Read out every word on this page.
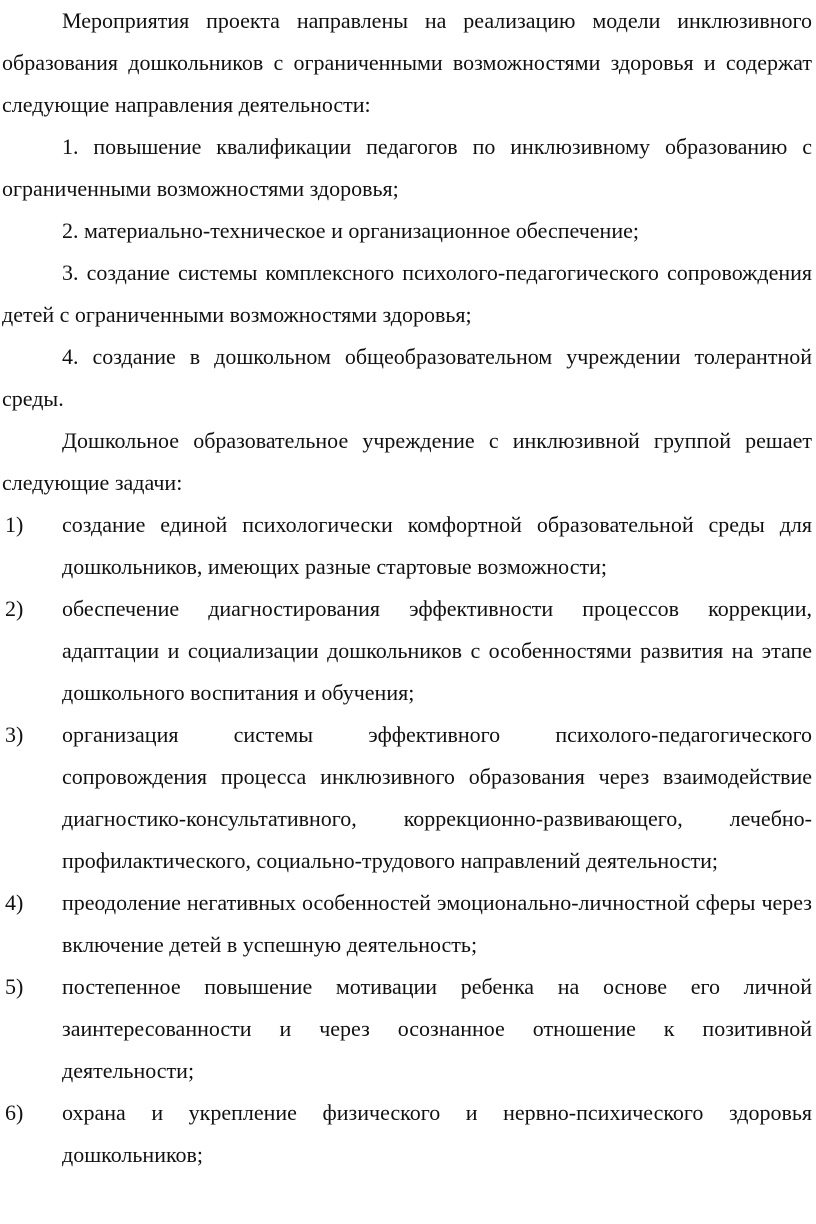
Мероприятия проекта направлены на реализацию модели инклюзивного образования дошкольников с ограниченными возможностями здоровья и содержат следующие направления деятельности:

1. повышение квалификации педагогов по инклюзивному образованию с ограниченными возможностями здоровья;

2. материально-техническое и организационное обеспечение;

3. создание системы комплексного психолого-педагогического сопровождения детей с ограниченными возможностями здоровья;

4. создание в дошкольном общеобразовательном учреждении толерантной среды.

Дошкольное образовательное учреждение с инклюзивной группой решает следующие задачи:

1) создание единой психологически комфортной образовательной среды для дошкольников, имеющих разные стартовые возможности;
2) обеспечение диагностирования эффективности процессов коррекции, адаптации и социализации дошкольников с особенностями развития на этапе дошкольного воспитания и обучения;
3) организация системы эффективного психолого-педагогического сопровождения процесса инклюзивного образования через взаимодействие диагностико-консультативного, коррекционно-развивающего, лечебно-профилактического, социально-трудового направлений деятельности;
4) преодоление негативных особенностей эмоционально-личностной сферы через включение детей в успешную деятельность;
5) постепенное повышение мотивации ребенка на основе его личной заинтересованности и через осознанное отношение к позитивной деятельности;
6) охрана и укрепление физического и нервно-психического здоровья дошкольников;
